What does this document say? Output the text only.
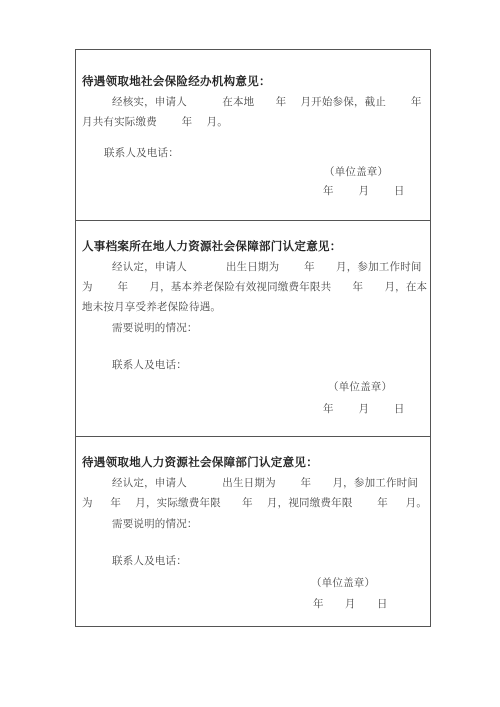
待遇领取地社会保险经办机构意见：
经核实，申请人          在本地      年    月开始参保，截止       年
月共有实际缴费       年    月。
联系人及电话：
（单位盖章）
年       月       日
人事档案所在地人力资源社会保障部门认定意见：
经认定，申请人           出生日期为       年      月，参加工作时间
为       年      月，基本养老保险有效视同缴费年限共      年      月，在本
地未按月享受养老保险待遇。
需要说明的情况：
联系人及电话：
（单位盖章）
年       月       日
待遇领取地人力资源社会保障部门认定意见：
经认定，申请人          出生日期为       年      月，参加工作时间
为     年    月，实际缴费年限      年    月，视同缴费年限       年     月。
需要说明的情况：
联系人及电话：
（单位盖章）
年      月      日
